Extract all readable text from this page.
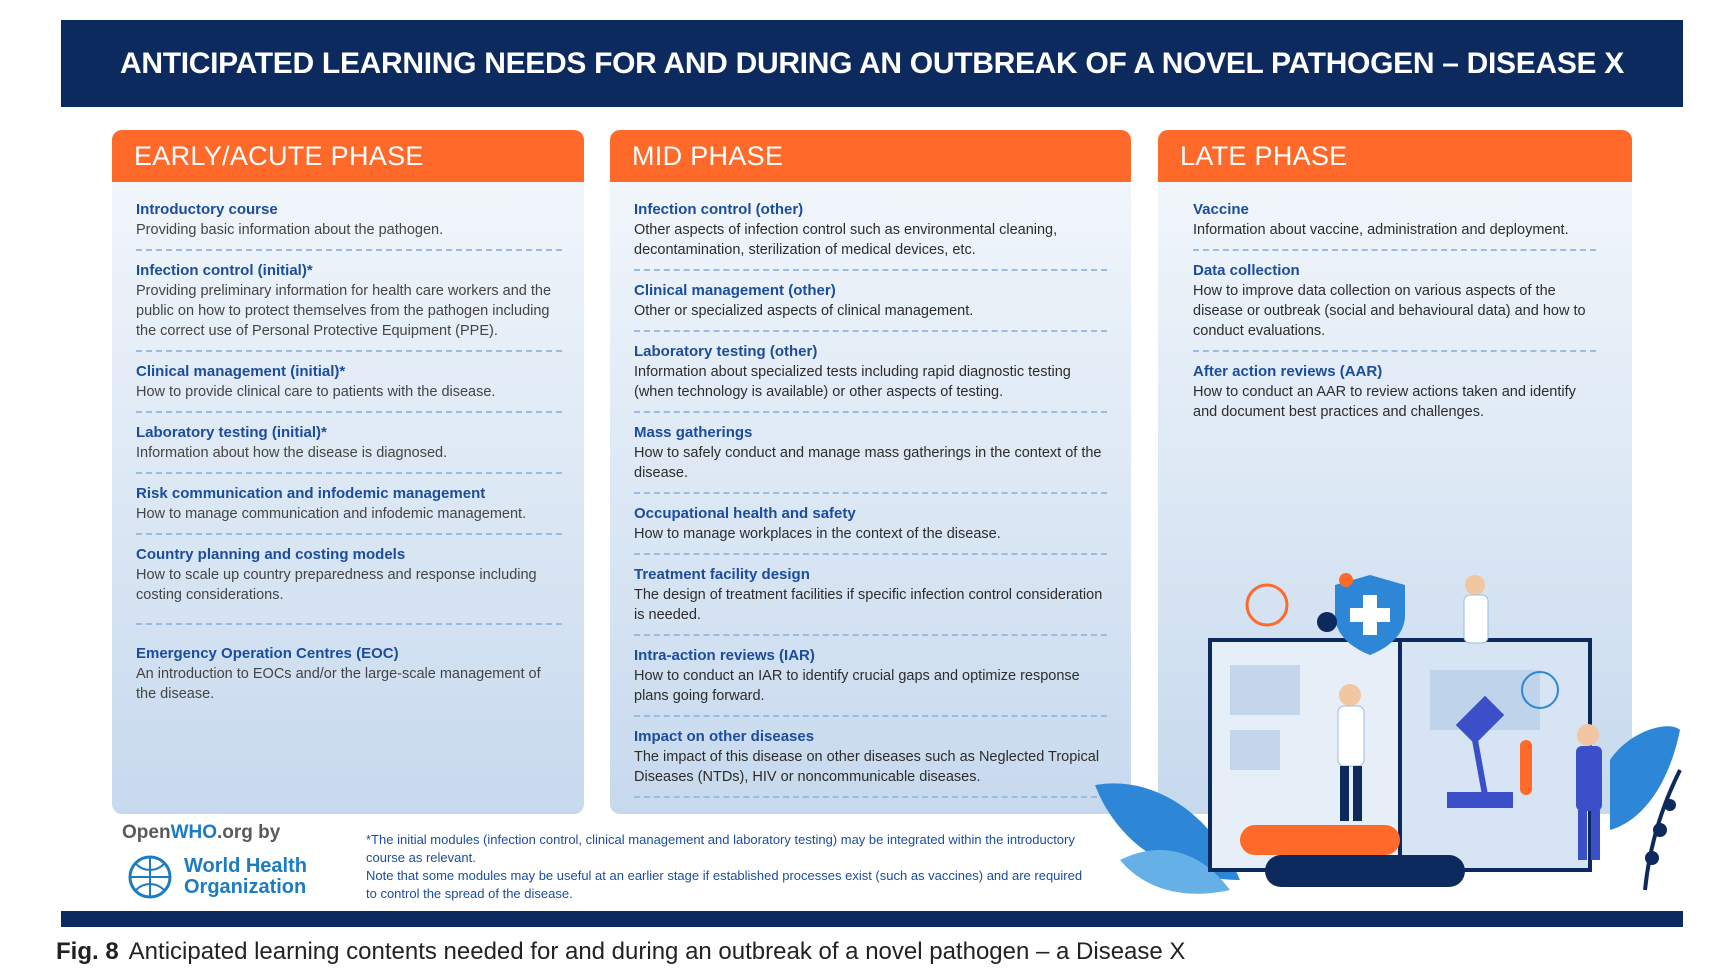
ANTICIPATED LEARNING NEEDS FOR AND DURING AN OUTBREAK OF A NOVEL PATHOGEN – DISEASE X
EARLY/ACUTE PHASE
Introductory course
Providing basic information about the pathogen.
Infection control (initial)*
Providing preliminary information for health care workers and the public on how to protect themselves from the pathogen including the correct use of Personal Protective Equipment (PPE).
Clinical management (initial)*
How to provide clinical care to patients with the disease.
Laboratory testing (initial)*
Information about how the disease is diagnosed.
Risk communication and infodemic management
How to manage communication and infodemic management.
Country planning and costing models
How to scale up country preparedness and response including costing considerations.
Emergency Operation Centres (EOC)
An introduction to EOCs and/or the large-scale management of the disease.
MID PHASE
Infection control (other)
Other aspects of infection control such as environmental cleaning, decontamination, sterilization of medical devices, etc.
Clinical management (other)
Other or specialized aspects of clinical management.
Laboratory testing (other)
Information about specialized tests including rapid diagnostic testing (when technology is available) or other aspects of testing.
Mass gatherings
How to safely conduct and manage mass gatherings in the context of the disease.
Occupational health and safety
How to manage workplaces in the context of the disease.
Treatment facility design
The design of treatment facilities if specific infection control consideration is needed.
Intra-action reviews (IAR)
How to conduct an IAR to identify crucial gaps and optimize response plans going forward.
Impact on other diseases
The impact of this disease on other diseases such as Neglected Tropical Diseases (NTDs), HIV or noncommunicable diseases.
LATE PHASE
Vaccine
Information about vaccine, administration and deployment.
Data collection
How to improve data collection on various aspects of the disease or outbreak (social and behavioural data) and how to conduct evaluations.
After action reviews (AAR)
How to conduct an AAR to review actions taken and identify and document best practices and challenges.
OpenWHO.org by
World Health
Organization
*The initial modules (infection control, clinical management and laboratory testing) may be integrated within the introductory course as relevant.
Note that some modules may be useful at an earlier stage if established processes exist (such as vaccines) and are required to control the spread of the disease.
Fig. 8 Anticipated learning contents needed for and during an outbreak of a novel pathogen – a Disease X
